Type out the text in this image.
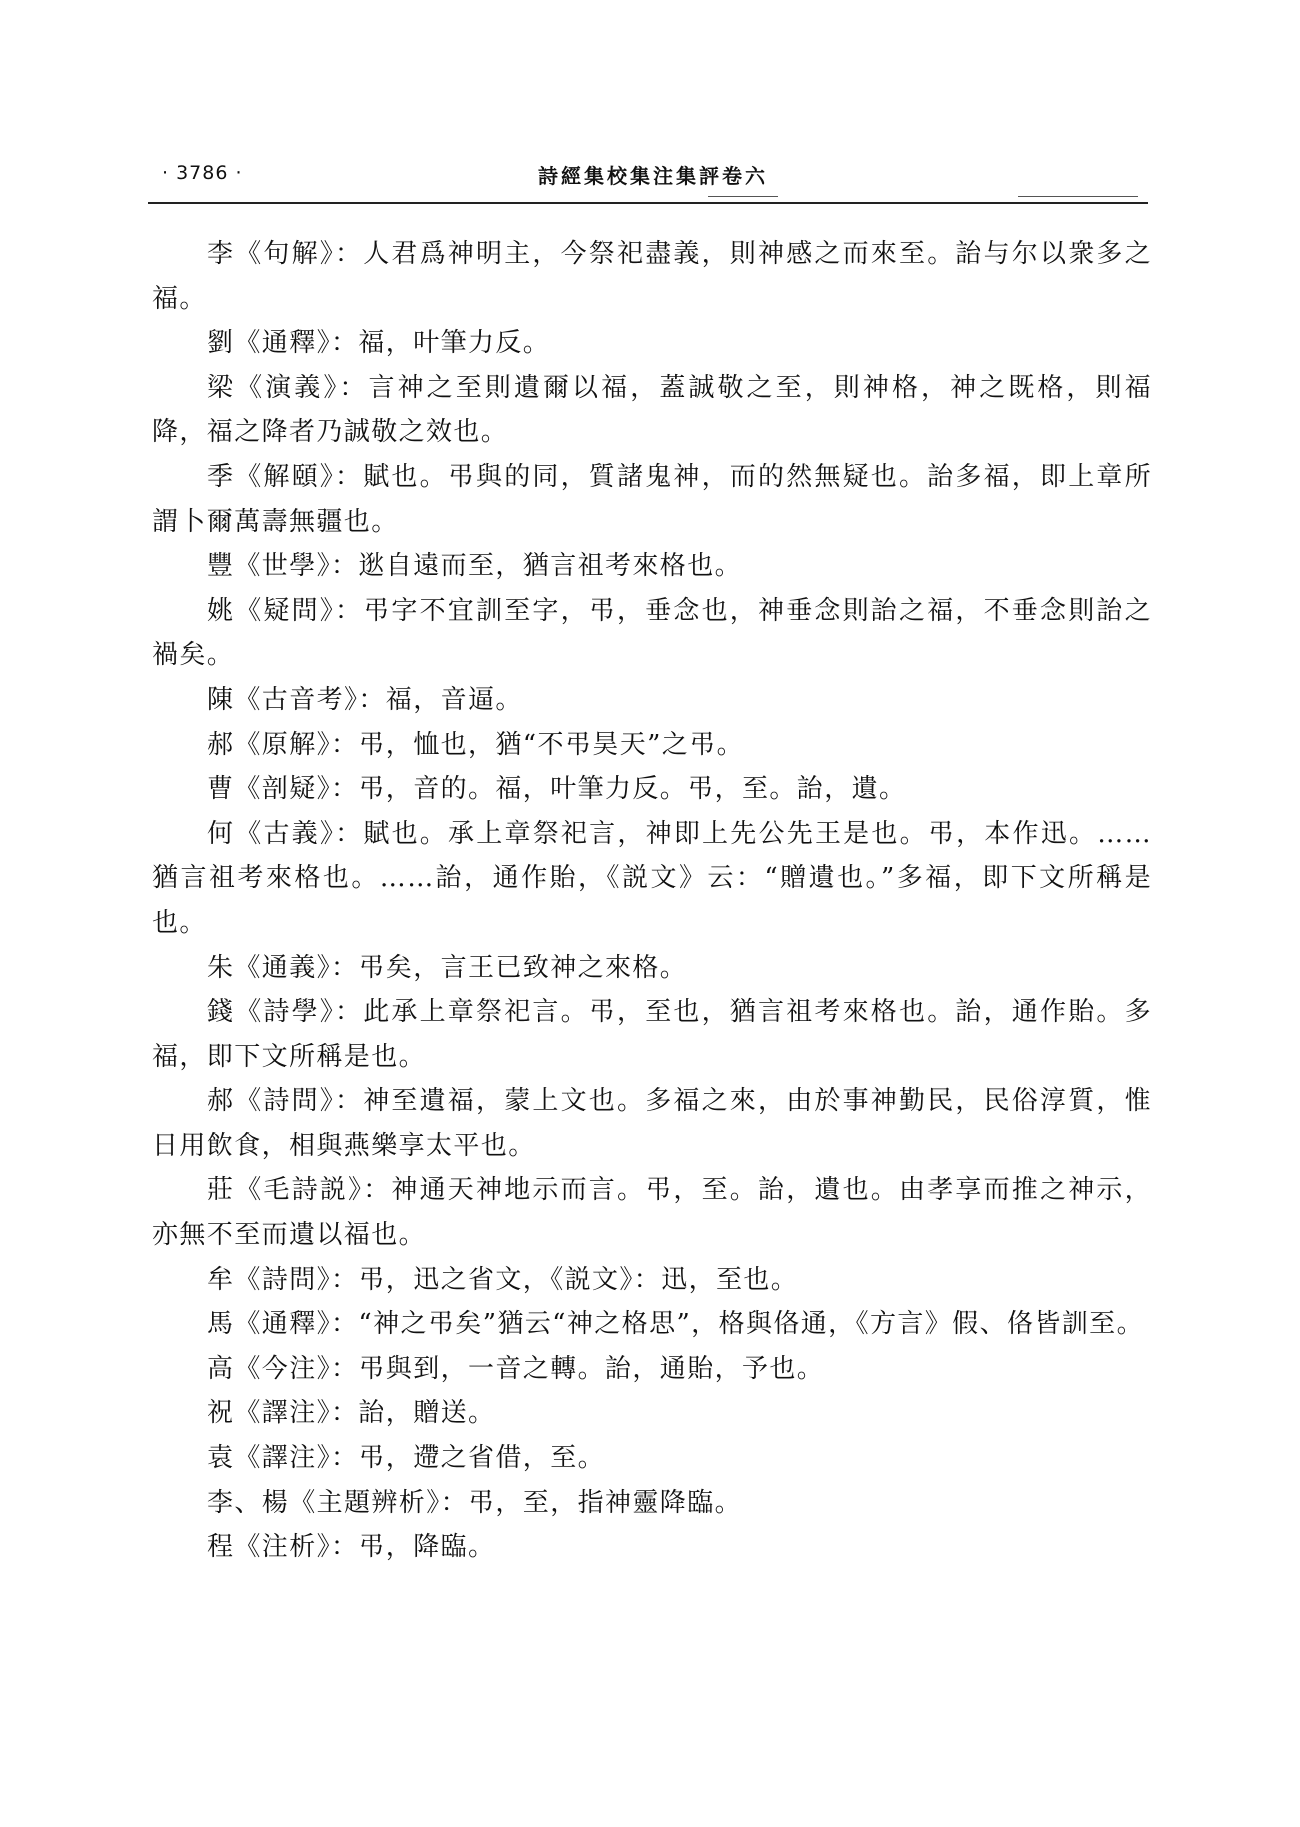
· 3786 ·	詩經集校集注集評卷六

李《句解》：人君爲神明主，今祭祀盡義，則神感之而來至。詒与尔以衆多之福。

劉《通釋》：福，叶筆力反。

梁《演義》：言神之至則遺爾以福，蓋誠敬之至，則神格，神之既格，則福降，福之降者乃誠敬之效也。

季《解頤》：賦也。弔與的同，質諸鬼神，而的然無疑也。詒多福，即上章所謂卜爾萬壽無疆也。

豐《世學》：逖自遠而至，猶言祖考來格也。

姚《疑問》：弔字不宜訓至字，弔，垂念也，神垂念則詒之福，不垂念則詒之禍矣。

陳《古音考》：福，音逼。

郝《原解》：弔，恤也，猶“不弔昊天”之弔。

曹《剖疑》：弔，音的。福，叶筆力反。弔，至。詒，遺。

何《古義》：賦也。承上章祭祀言，神即上先公先王是也。弔，本作迅。……猶言祖考來格也。……詒，通作貽，《説文》云：“贈遺也。”多福，即下文所稱是也。

朱《通義》：弔矣，言王已致神之來格。

錢《詩學》：此承上章祭祀言。弔，至也，猶言祖考來格也。詒，通作貽。多福，即下文所稱是也。

郝《詩問》：神至遺福，蒙上文也。多福之來，由於事神勤民，民俗淳質，惟日用飲食，相與燕樂享太平也。

莊《毛詩説》：神通天神地示而言。弔，至。詒，遺也。由孝享而推之神示，亦無不至而遺以福也。

牟《詩問》：弔，迅之省文，《説文》：迅，至也。

馬《通釋》：“神之弔矣”猶云“神之格思”，格與佫通，《方言》假、佫皆訓至。

高《今注》：弔與到，一音之轉。詒，通貽，予也。

祝《譯注》：詒，贈送。

袁《譯注》：弔，遰之省借，至。

李、楊《主題辨析》：弔，至，指神靈降臨。

程《注析》：弔，降臨。
